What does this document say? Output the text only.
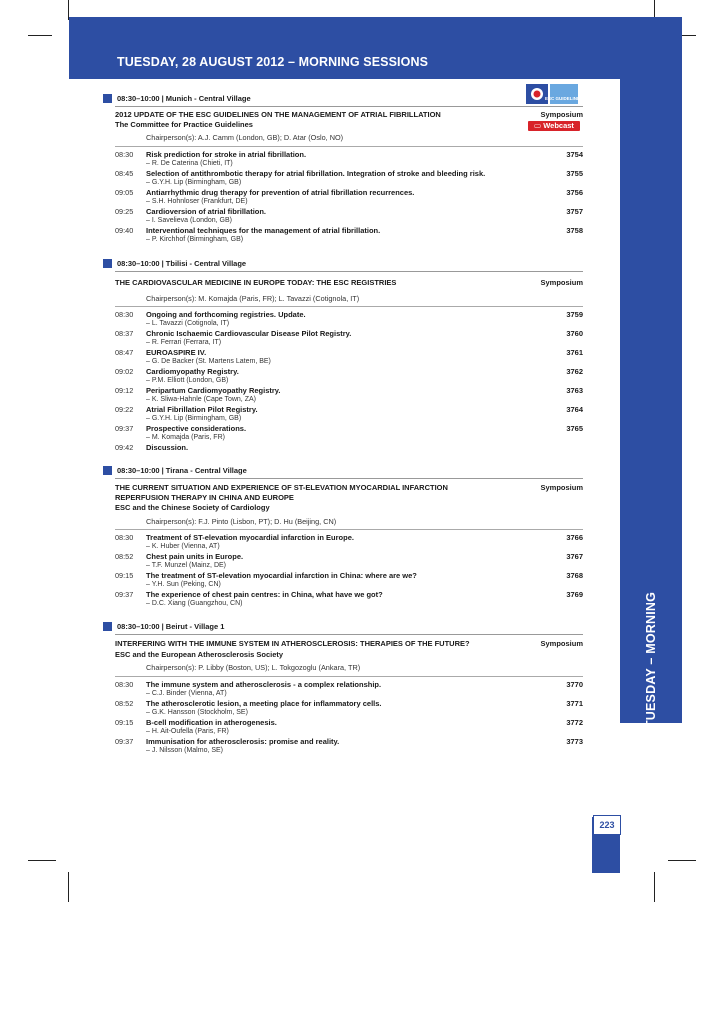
TUESDAY, 28 AUGUST 2012 – MORNING SESSIONS
TUESDAY – MORNING
223
ESC GUIDELINES
▭ Webcast
08:30–10:00 | Munich - Central Village
2012 UPDATE OF THE ESC GUIDELINES ON THE MANAGEMENT OF ATRIAL FIBRILLATION	Symposium
The Committee for Practice Guidelines
Chairperson(s): A.J. Camm (London, GB); D. Atar (Oslo, NO)
08:30	Risk prediction for stroke in atrial fibrillation.	3754
– R. De Caterina (Chieti, IT)
08:45	Selection of antithrombotic therapy for atrial fibrillation. Integration of stroke and bleeding risk.	3755
– G.Y.H. Lip (Birmingham, GB)
09:05	Antiarrhythmic drug therapy for prevention of atrial fibrillation recurrences.	3756
– S.H. Hohnloser (Frankfurt, DE)
09:25	Cardioversion of atrial fibrillation.	3757
– I. Savelieva (London, GB)
09:40	Interventional techniques for the management of atrial fibrillation.	3758
– P. Kirchhof (Birmingham, GB)
08:30–10:00 | Tbilisi - Central Village
THE CARDIOVASCULAR MEDICINE IN EUROPE TODAY: THE ESC REGISTRIES	Symposium
Chairperson(s): M. Komajda (Paris, FR); L. Tavazzi (Cotignola, IT)
08:30	Ongoing and forthcoming registries. Update.	3759
– L. Tavazzi (Cotignola, IT)
08:37	Chronic Ischaemic Cardiovascular Disease Pilot Registry.	3760
– R. Ferrari (Ferrara, IT)
08:47	EUROASPIRE IV.	3761
– G. De Backer (St. Martens Latem, BE)
09:02	Cardiomyopathy Registry.	3762
– P.M. Elliott (London, GB)
09:12	Peripartum Cardiomyopathy Registry.	3763
– K. Sliwa-Hahnle (Cape Town, ZA)
09:22	Atrial Fibrillation Pilot Registry.	3764
– G.Y.H. Lip (Birmingham, GB)
09:37	Prospective considerations.	3765
– M. Komajda (Paris, FR)
09:42	Discussion.
08:30–10:00 | Tirana - Central Village
THE CURRENT SITUATION AND EXPERIENCE OF ST-ELEVATION MYOCARDIAL INFARCTION REPERFUSION THERAPY IN CHINA AND EUROPE
Symposium
ESC and the Chinese Society of Cardiology
Chairperson(s): F.J. Pinto (Lisbon, PT); D. Hu (Beijing, CN)
08:30	Treatment of ST-elevation myocardial infarction in Europe.	3766
– K. Huber (Vienna, AT)
08:52	Chest pain units in Europe.	3767
– T.F. Munzel (Mainz, DE)
09:15	The treatment of ST-elevation myocardial infarction in China: where are we?	3768
– Y.H. Sun (Peking, CN)
09:37	The experience of chest pain centres: in China, what have we got?	3769
– D.C. Xiang (Guangzhou, CN)
08:30–10:00 | Beirut - Village 1
INTERFERING WITH THE IMMUNE SYSTEM IN ATHEROSCLEROSIS: THERAPIES OF THE FUTURE?	Symposium
ESC and the European Atherosclerosis Society
Chairperson(s): P. Libby (Boston, US); L. Tokgozoglu (Ankara, TR)
08:30	The immune system and atherosclerosis - a complex relationship.	3770
– C.J. Binder (Vienna, AT)
08:52	The atherosclerotic lesion, a meeting place for inflammatory cells.	3771
– G.K. Hansson (Stockholm, SE)
09:15	B-cell modification in atherogenesis.	3772
– H. Ait-Oufella (Paris, FR)
09:37	Immunisation for atherosclerosis: promise and reality.	3773
– J. Nilsson (Malmo, SE)
